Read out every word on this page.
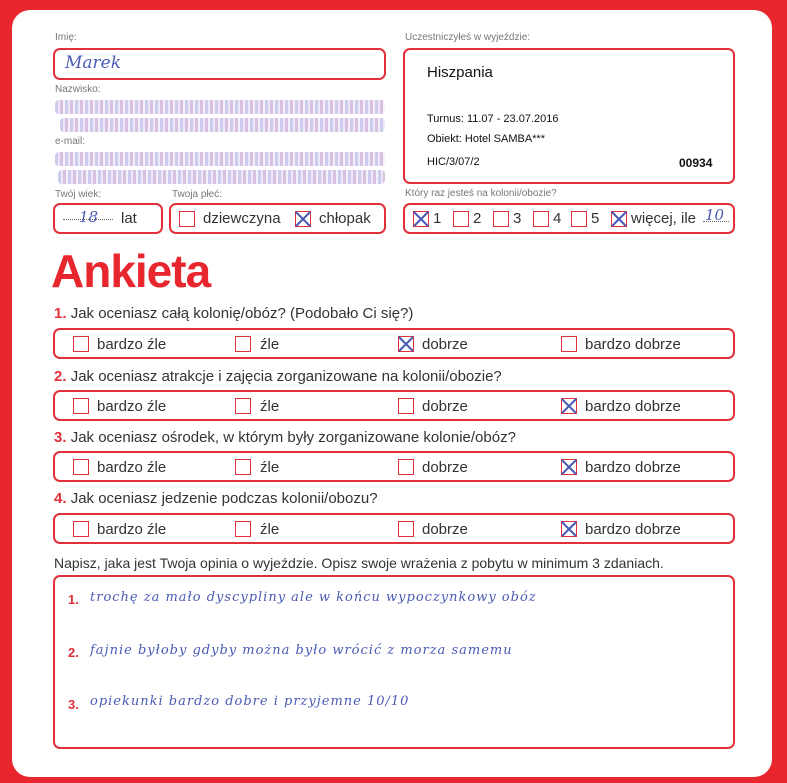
Imię:
Marek
Nazwisko:
e-mail:
Twój wiek:
18 lat
Twoja płeć:
dziewczyna	chłopak
Uczestniczyłeś w wyjeździe:
Hiszpania
Turnus: 11.07 - 23.07.2016
Obiekt: Hotel SAMBA***
HIC/3/07/2	00934
Który raz jesteś na kolonii/obozie?
1 2 3 4 5 więcej, ile 10
Ankieta
1. Jak oceniasz całą kolonię/obóz? (Podobało Ci się?)
bardzo źle	źle	dobrze	bardzo dobrze
2. Jak oceniasz atrakcje i zajęcia zorganizowane na kolonii/obozie?
bardzo źle	źle	dobrze	bardzo dobrze
3. Jak oceniasz ośrodek, w którym były zorganizowane kolonie/obóz?
bardzo źle	źle	dobrze	bardzo dobrze
4. Jak oceniasz jedzenie podczas kolonii/obozu?
bardzo źle	źle	dobrze	bardzo dobrze
Napisz, jaka jest Twoja opinia o wyjeździe. Opisz swoje wrażenia z pobytu w minimum 3 zdaniach.
1. trochę za mało dyscypliny ale w końcu wypoczynkowy obóz
2. fajnie byłoby gdyby można było wrócić z morza samemu
3. opiekunki bardzo dobre i przyjemne 10/10
